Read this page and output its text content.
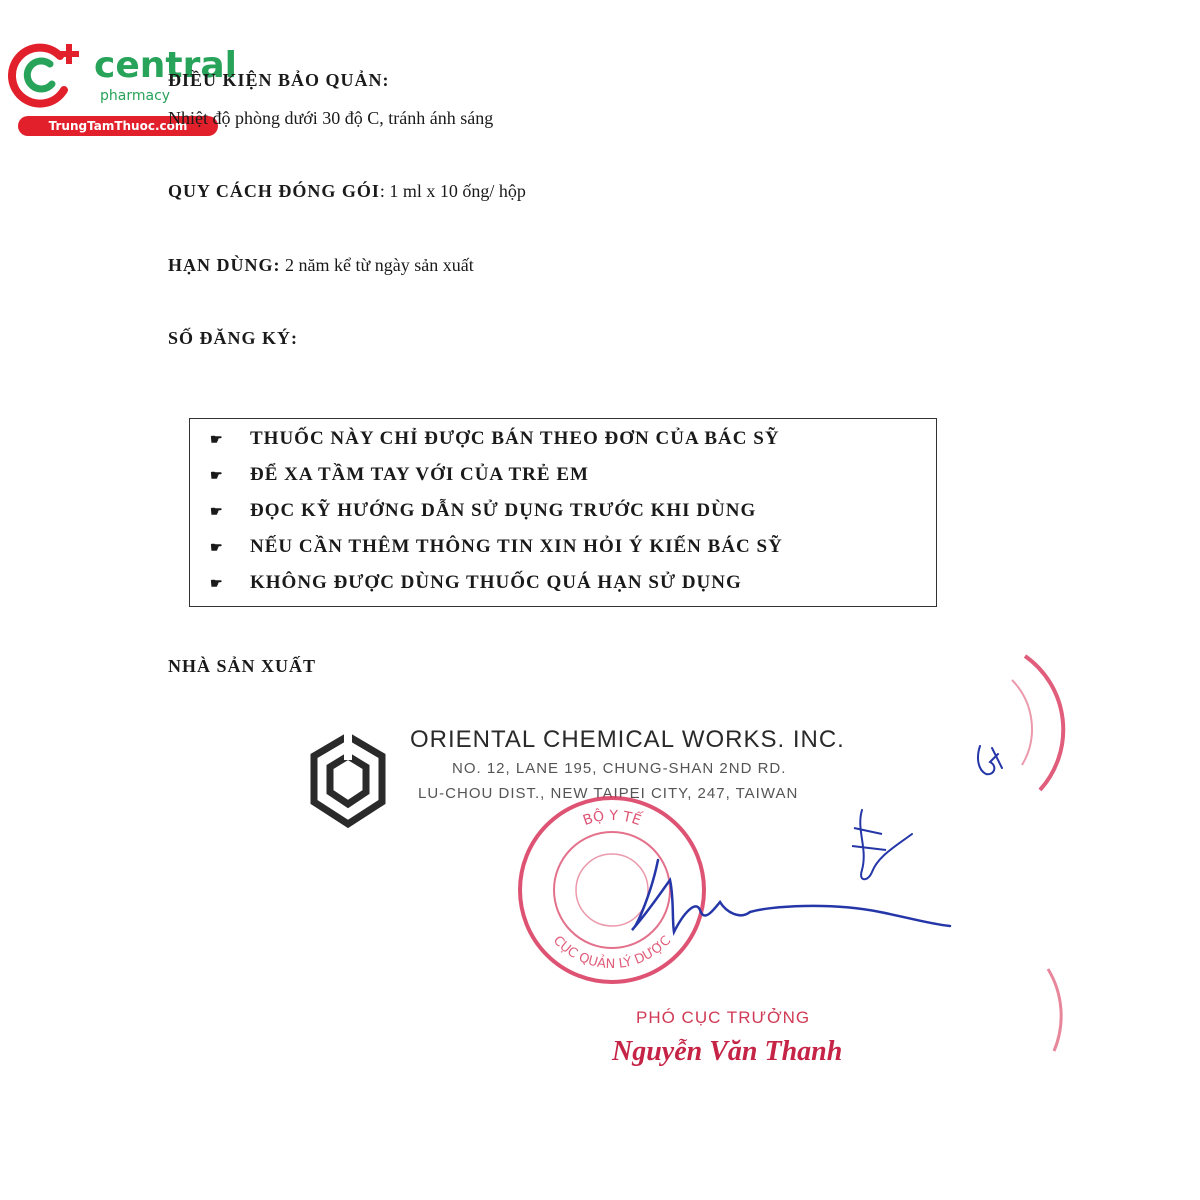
central
pharmacy
TrungTamThuoc.com
ĐIỀU KIỆN BẢO QUẢN:
Nhiệt độ phòng dưới 30 độ C, tránh ánh sáng
QUY CÁCH ĐÓNG GÓI: 1 ml x 10 ống/ hộp
HẠN DÙNG: 2 năm kể từ ngày sản xuất
SỐ ĐĂNG KÝ:
☛ THUỐC NÀY CHỈ ĐƯỢC BÁN THEO ĐƠN CỦA BÁC SỸ
☛ ĐỂ XA TẦM TAY VỚI CỦA TRẺ EM
☛ ĐỌC KỸ HƯỚNG DẪN SỬ DỤNG TRƯỚC KHI DÙNG
☛ NẾU CẦN THÊM THÔNG TIN XIN HỎI Ý KIẾN BÁC SỸ
☛ KHÔNG ĐƯỢC DÙNG THUỐC QUÁ HẠN SỬ DỤNG
NHÀ SẢN XUẤT
ORIENTAL CHEMICAL WORKS. INC.
NO. 12, LANE 195, CHUNG-SHAN 2ND RD.
LU-CHOU DIST., NEW TAIPEI CITY, 247, TAIWAN
BỘ Y TẾ
CỤC QUẢN LÝ DƯỢC
PHÓ CỤC TRƯỞNG
Nguyễn Văn Thanh
